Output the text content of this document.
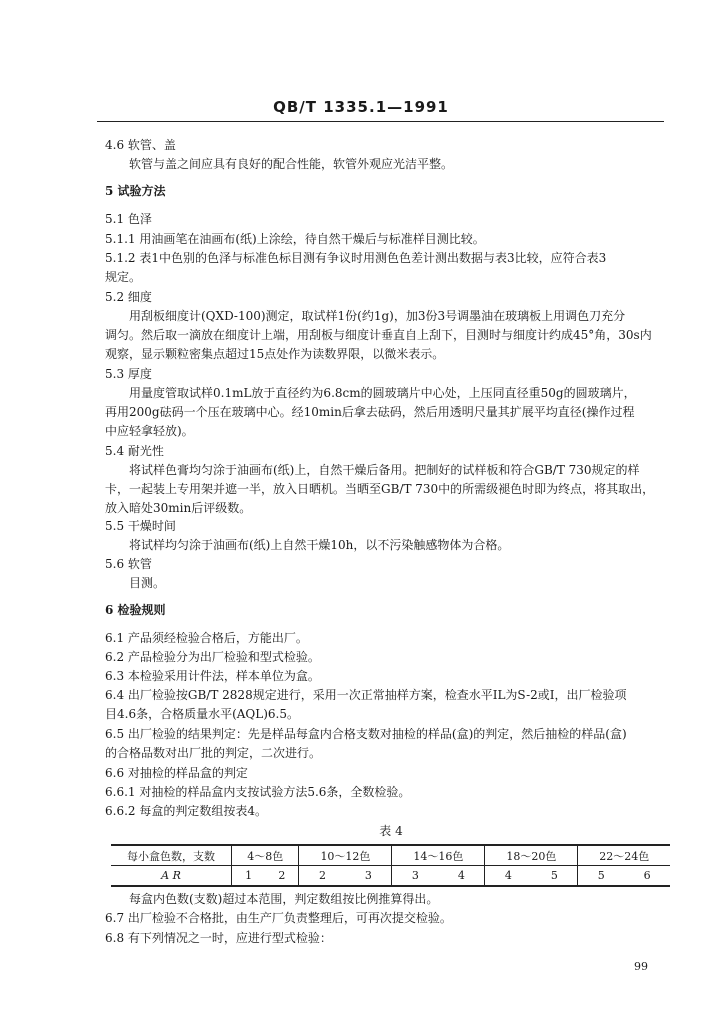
QB/T 1335.1—1991
4.6 软管、盖
软管与盖之间应具有良好的配合性能，软管外观应光洁平整。
5 试验方法
5.1 色泽
5.1.1 用油画笔在油画布(纸)上涂绘，待自然干燥后与标准样目测比较。
5.1.2 表1中色别的色泽与标准色标目测有争议时用测色色差计测出数据与表3比较，应符合表3
规定。
5.2 细度
用刮板细度计(QXD-100)测定，取试样1份(约1g)，加3份3号调墨油在玻璃板上用调色刀充分
调匀。然后取一滴放在细度计上端，用刮板与细度计垂直自上刮下，目测时与细度计约成45°角，30s内
观察，显示颗粒密集点超过15点处作为读数界限，以微米表示。
5.3 厚度
用量度管取试样0.1mL放于直径约为6.8cm的圆玻璃片中心处，上压同直径重50g的圆玻璃片，
再用200g砝码一个压在玻璃中心。经10min后拿去砝码，然后用透明尺量其扩展平均直径(操作过程
中应轻拿轻放)。
5.4 耐光性
将试样色膏均匀涂于油画布(纸)上，自然干燥后备用。把制好的试样板和符合GB/T 730规定的样
卡，一起装上专用架并遮一半，放入日晒机。当晒至GB/T 730中的所需级褪色时即为终点，将其取出，
放入暗处30min后评级数。
5.5 干燥时间
将试样均匀涂于油画布(纸)上自然干燥10h，以不污染触感物体为合格。
5.6 软管
目测。
6 检验规则
6.1 产品须经检验合格后，方能出厂。
6.2 产品检验分为出厂检验和型式检验。
6.3 本检验采用计件法，样本单位为盒。
6.4 出厂检验按GB/T 2828规定进行，采用一次正常抽样方案，检查水平IL为S-2或Ⅰ，出厂检验项
目4.6条，合格质量水平(AQL)6.5。
6.5 出厂检验的结果判定：先是样品每盒内合格支数对抽检的样品(盒)的判定，然后抽检的样品(盒)
的合格品数对出厂批的判定，二次进行。
6.6 对抽检的样品盒的判定
6.6.1 对抽检的样品盒内支按试验方法5.6条，全数检验。
6.6.2 每盒的判定数组按表4。
表 4
每小盒色数，支数	4～8色	10～12色	14～16色	18～20色	22～24色
A R	1 2	2 3	3 4	4 5	5 6
每盒内色数(支数)超过本范围，判定数组按比例推算得出。
6.7 出厂检验不合格批，由生产厂负责整理后，可再次提交检验。
6.8 有下列情况之一时，应进行型式检验：
99
